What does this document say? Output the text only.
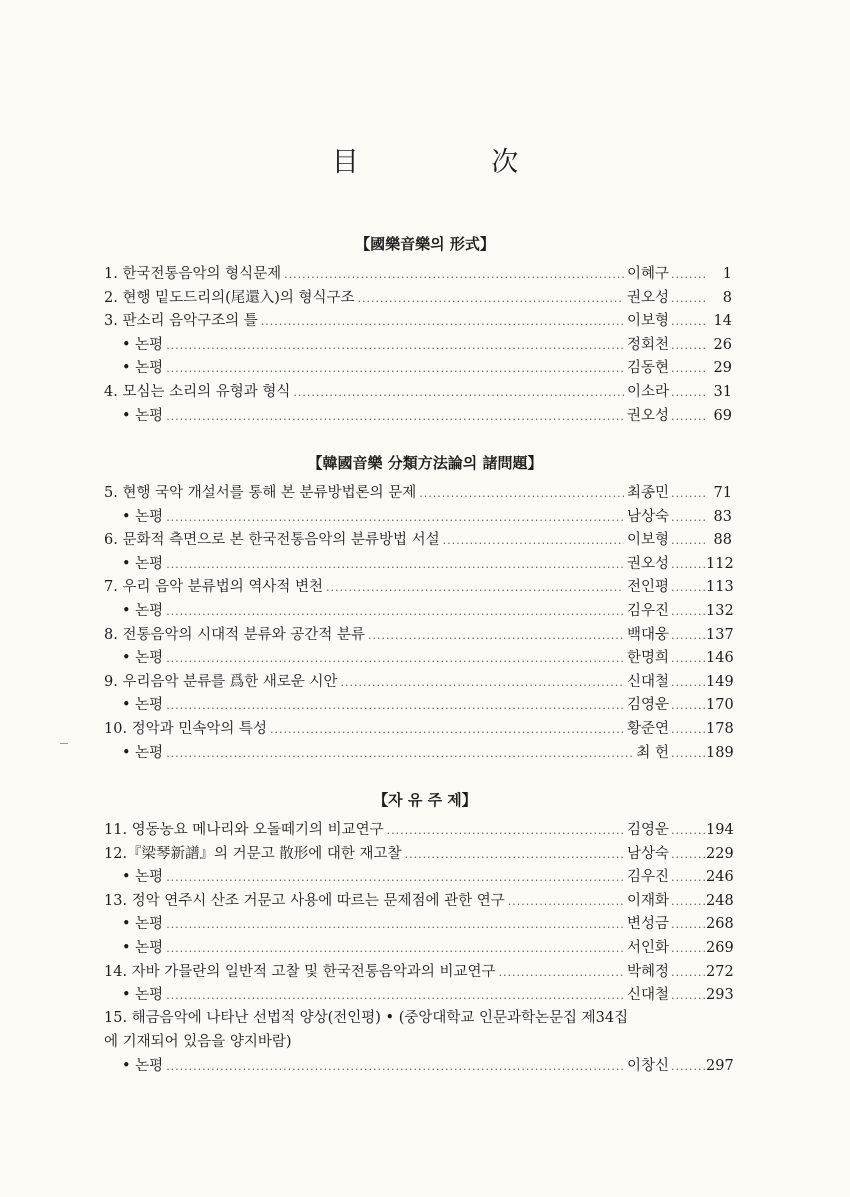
目 次
【國樂音樂의 形式】
1. 한국전통음악의 형식문제 .....	이혜구 .....	1
2. 현행 밑도드리의(尾還入)의 형식구조 .....	권오성 .....	8
3. 판소리 음악구조의 틀 .....	이보형 .....	14
• 논평 .....	정회천 .....	26
• 논평 .....	김동현 .....	29
4. 모심는 소리의 유형과 형식 .....	이소라 .....	31
• 논평 .....	권오성 .....	69
【韓國音樂 分類方法論의 諸問題】
5. 현행 국악 개설서를 통해 본 분류방법론의 문제 .....	최종민 .....	71
• 논평 .....	남상숙 .....	83
6. 문화적 측면으로 본 한국전통음악의 분류방법 서설 .....	이보형 .....	88
• 논평 .....	권오성 .....	112
7. 우리 음악 분류법의 역사적 변천 .....	전인평 .....	113
• 논평 .....	김우진 .....	132
8. 전통음악의 시대적 분류와 공간적 분류 .....	백대웅 .....	137
• 논평 .....	한명희 .....	146
9. 우리음악 분류를 爲한 새로운 시안 .....	신대철 .....	149
• 논평 .....	김영운 .....	170
10. 정악과 민속악의 특성 .....	황준연 .....	178
• 논평 .....	최 헌 .....	189
【자 유 주 제】
11. 영동농요 메나리와 오돌떼기의 비교연구 .....	김영운 .....	194
12.『梁琴新譜』의 거문고 散形에 대한 재고찰 .....	남상숙 .....	229
• 논평 .....	김우진 .....	246
13. 정악 연주시 산조 거문고 사용에 따르는 문제점에 관한 연구 .....	이재화 .....	248
• 논평 .....	변성금 .....	268
• 논평 .....	서인화 .....	269
14. 자바 가믈란의 일반적 고찰 및 한국전통음악과의 비교연구 .....	박혜정 .....	272
• 논평 .....	신대철 .....	293
15. 해금음악에 나타난 선법적 양상(전인평) • (중앙대학교 인문과학논문집 제34집
에 기재되어 있음을 양지바람)
• 논평 .....	이창신 .....	297
